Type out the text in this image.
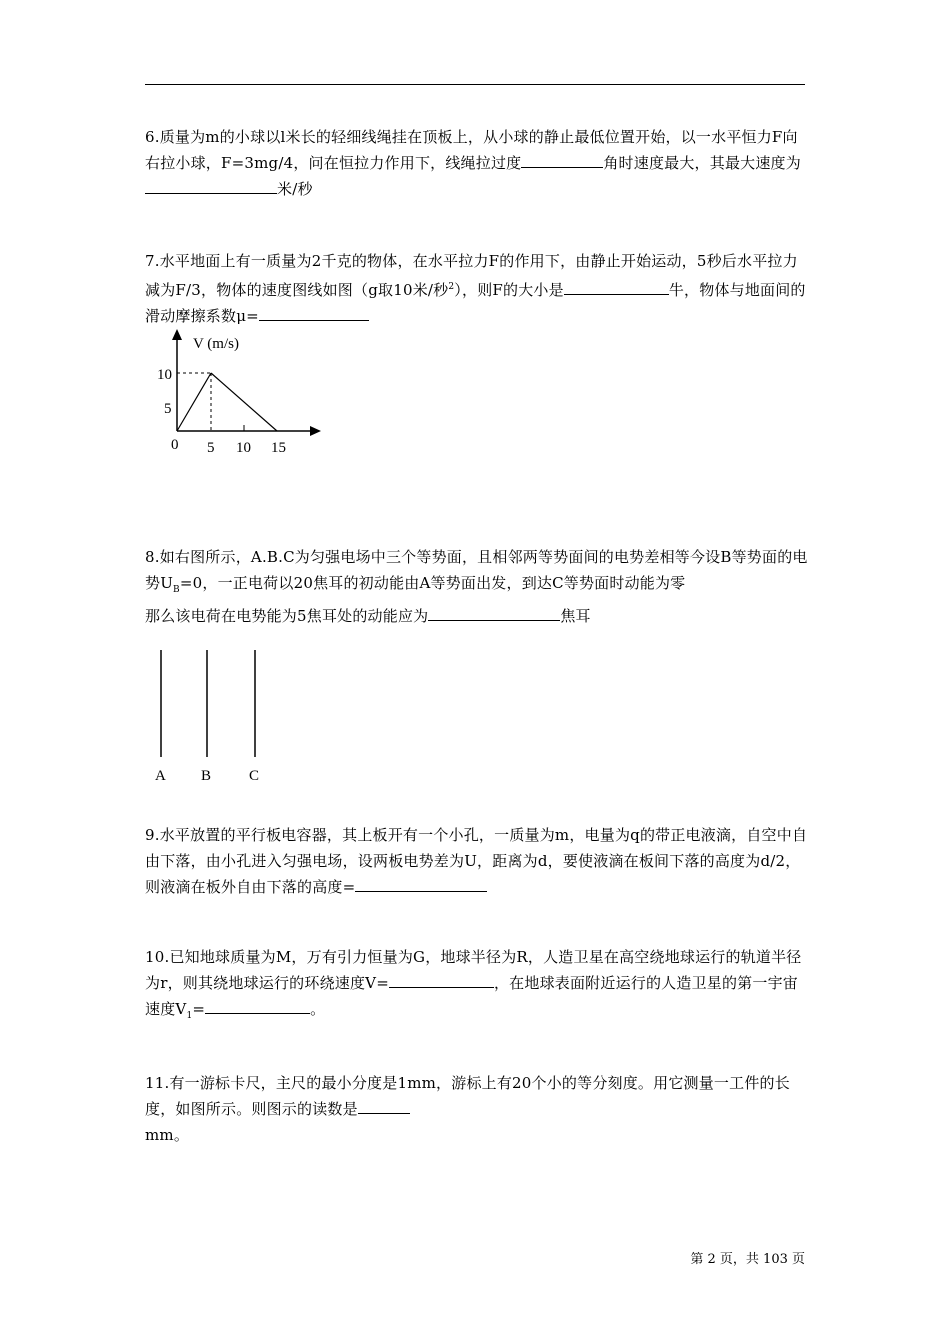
6.质量为m的小球以l米长的轻细线绳挂在顶板上，从小球的静止最低位置开始，以一水平恒力F向右拉小球，F=3mg/4，问在恒拉力作用下，线绳拉过度	角时速度最大，其最大速度为米/秒
7.水平地面上有一质量为2千克的物体，在水平拉力F的作用下，由静止开始运动，5秒后水平拉力减为F/3，物体的速度图线如图（g取10米/秒$^2$），则F的大小是	牛，物体与地面间的滑动摩擦系数μ=
V (m/s)
10
5
0 5 10 15
8.如右图所示，A.B.C为匀强电场中三个等势面，且相邻两等势面间的电势差相等今设B等势面的电势$U_B=0$，一正电荷以20焦耳的初动能由A等势面出发，到达C等势面时动能为零
那么该电荷在电势能为5焦耳处的动能应为	焦耳
A B	C
9.水平放置的平行板电容器，其上板开有一个小孔，一质量为m，电量为q的带正电液滴，自空中自由下落，由小孔进入匀强电场，设两板电势差为U，距离为d，要使液滴在板间下落的高度为d/2，则液滴在板外自由下落的高度=
10.已知地球质量为M，万有引力恒量为G，地球半径为R，人造卫星在高空绕地球运行的轨道半径为r，则其绕地球运行的环绕速度V=	，在地球表面附近运行的人造卫星的第一宇宙速度$V_1=$	。
11.有一游标卡尺，主尺的最小分度是1mm，游标上有20个小的等分刻度。用它测量一工件的长度，如图所示。则图示的读数是
mm。
第 2 页，共 103 页
